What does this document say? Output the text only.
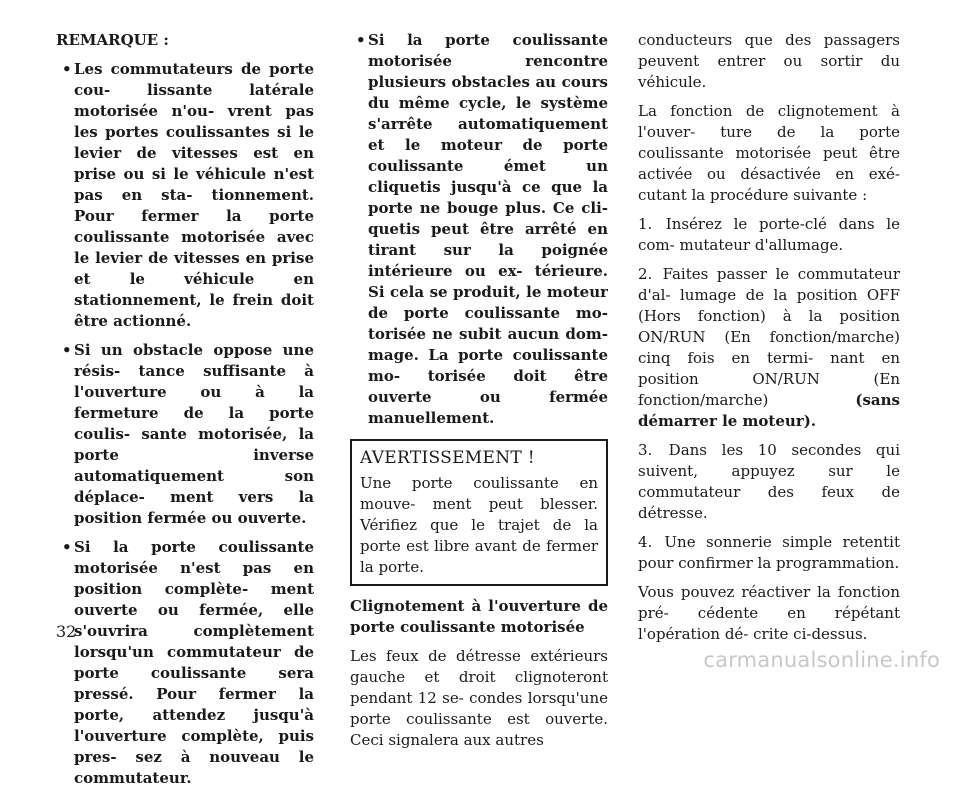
REMARQUE :
• Les commutateurs de porte cou- lissante latérale motorisée n'ou- vrent pas les portes coulissantes si le levier de vitesses est en prise ou si le véhicule n'est pas en sta- tionnement. Pour fermer la porte coulissante motorisée avec le levier de vitesses en prise et le véhicule en stationnement, le frein doit être actionné.
• Si un obstacle oppose une résis- tance suffisante à l'ouverture ou à la fermeture de la porte coulis- sante motorisée, la porte inverse automatiquement son déplace- ment vers la position fermée ou ouverte.
• Si la porte coulissante motorisée n'est pas en position complète- ment ouverte ou fermée, elle s'ouvrira complètement lorsqu'un commutateur de porte coulissante sera pressé. Pour fermer la porte, attendez jusqu'à l'ouverture complète, puis pres- sez à nouveau le commutateur.
• Si la porte coulissante motorisée rencontre plusieurs obstacles au cours du même cycle, le système s'arrête automatiquement et le moteur de porte coulissante émet un cliquetis jusqu'à ce que la porte ne bouge plus. Ce cli- quetis peut être arrêté en tirant sur la poignée intérieure ou ex- térieure. Si cela se produit, le moteur de porte coulissante mo- torisée ne subit aucun dom- mage. La porte coulissante mo- torisée doit être ouverte ou fermée manuellement.
AVERTISSEMENT !

Une porte coulissante en mouve- ment peut blesser. Vérifiez que le trajet de la porte est libre avant de fermer la porte.

Clignotement à l'ouverture de porte coulissante motorisée

Les feux de détresse extérieurs gauche et droit clignoteront pendant 12 se- condes lorsqu'une porte coulissante est ouverte. Ceci signalera aux autres

conducteurs que des passagers peuvent entrer ou sortir du véhicule.

La fonction de clignotement à l'ouver- ture de la porte coulissante motorisée peut être activée ou désactivée en exé- cutant la procédure suivante :

1. Insérez le porte-clé dans le com- mutateur d'allumage.

2. Faites passer le commutateur d'al- lumage de la position OFF (Hors fonction) à la position ON/RUN (En fonction/marche) cinq fois en termi- nant en position ON/RUN (En fonction/marche)	(sans démarrer le moteur).

3. Dans les 10 secondes qui suivent, appuyez sur le commutateur des feux de détresse.

4. Une sonnerie simple retentit pour confirmer la programmation.

Vous pouvez réactiver la fonction pré- cédente en répétant l'opération dé- crite ci-dessus.

32
carmanualsonline.info
